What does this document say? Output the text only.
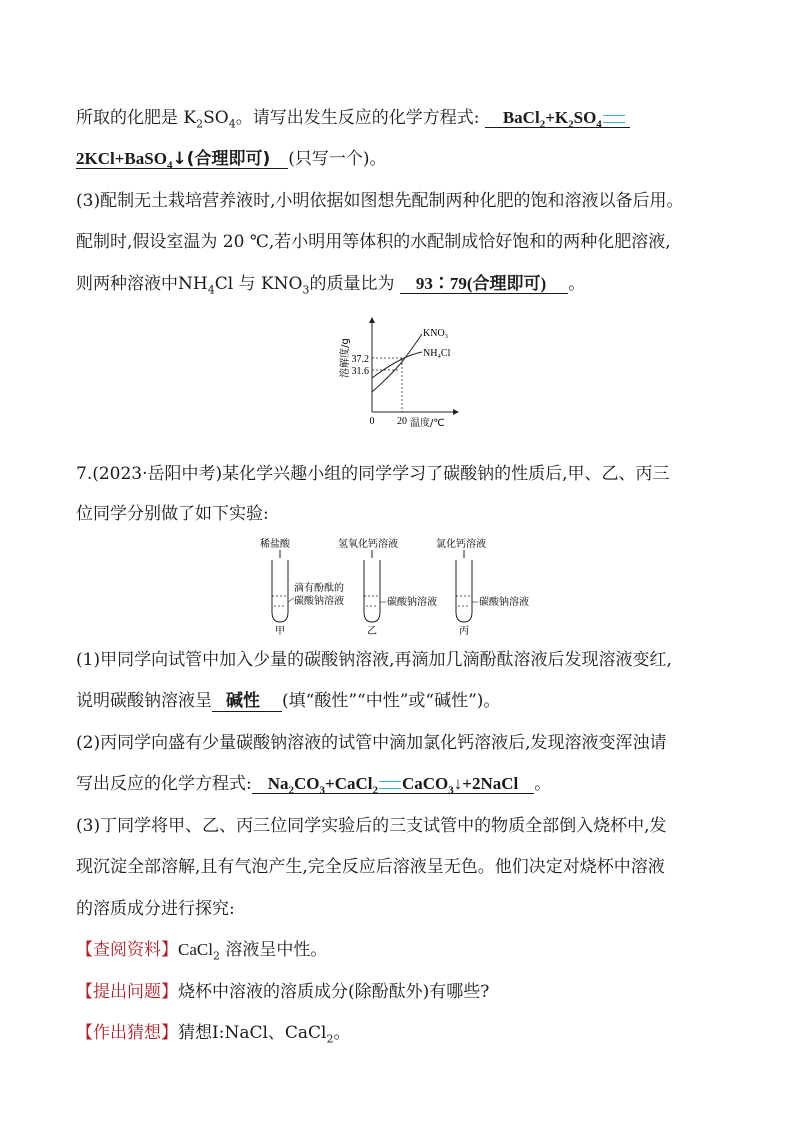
所取的化肥是 $K_2SO_4$。请写出发生反应的化学方程式: $BaCl_2+K_2SO_4$
2KCl+BaSO$_4$↓(合理即可) (只写一个)。
(3)配制无土栽培营养液时,小明依据如图想先配制两种化肥的饱和溶液以备后用。
配制时,假设室温为 20 ℃,若小明用等体积的水配制成恰好饱和的两种化肥溶液,
则两种溶液中$NH_4Cl$ 与 $KNO_3$的质量比为 93∶79(合理即可) 。
37.2
31.6
0 20 温度/℃
溶解度/g
KNO₃
NH₄Cl
7.(2023·岳阳中考)某化学兴趣小组的同学学习了碳酸钠的性质后,甲、乙、丙三
位同学分别做了如下实验:
稀盐酸
滴有酚酞的
碳酸钠溶液
甲
氢氧化钙溶液
碳酸钠溶液
乙
氯化钙溶液
碳酸钠溶液
丙
(1)甲同学向试管中加入少量的碳酸钠溶液,再滴加几滴酚酞溶液后发现溶液变红,
说明碳酸钠溶液呈 碱性 (填“酸性”“中性”或“碱性”)。
(2)丙同学向盛有少量碳酸钠溶液的试管中滴加氯化钙溶液后,发现溶液变浑浊请
写出反应的化学方程式: $Na_2CO_3+CaCl_2$ CaCO$_3$↓+2NaCl 。
(3)丁同学将甲、乙、丙三位同学实验后的三支试管中的物质全部倒入烧杯中,发
现沉淀全部溶解,且有气泡产生,完全反应后溶液呈无色。他们决定对烧杯中溶液
的溶质成分进行探究:
【查阅资料】CaCl$_2$ 溶液呈中性。
【提出问题】烧杯中溶液的溶质成分(除酚酞外)有哪些?
【作出猜想】猜想Ⅰ:NaCl、CaCl$_2$。
